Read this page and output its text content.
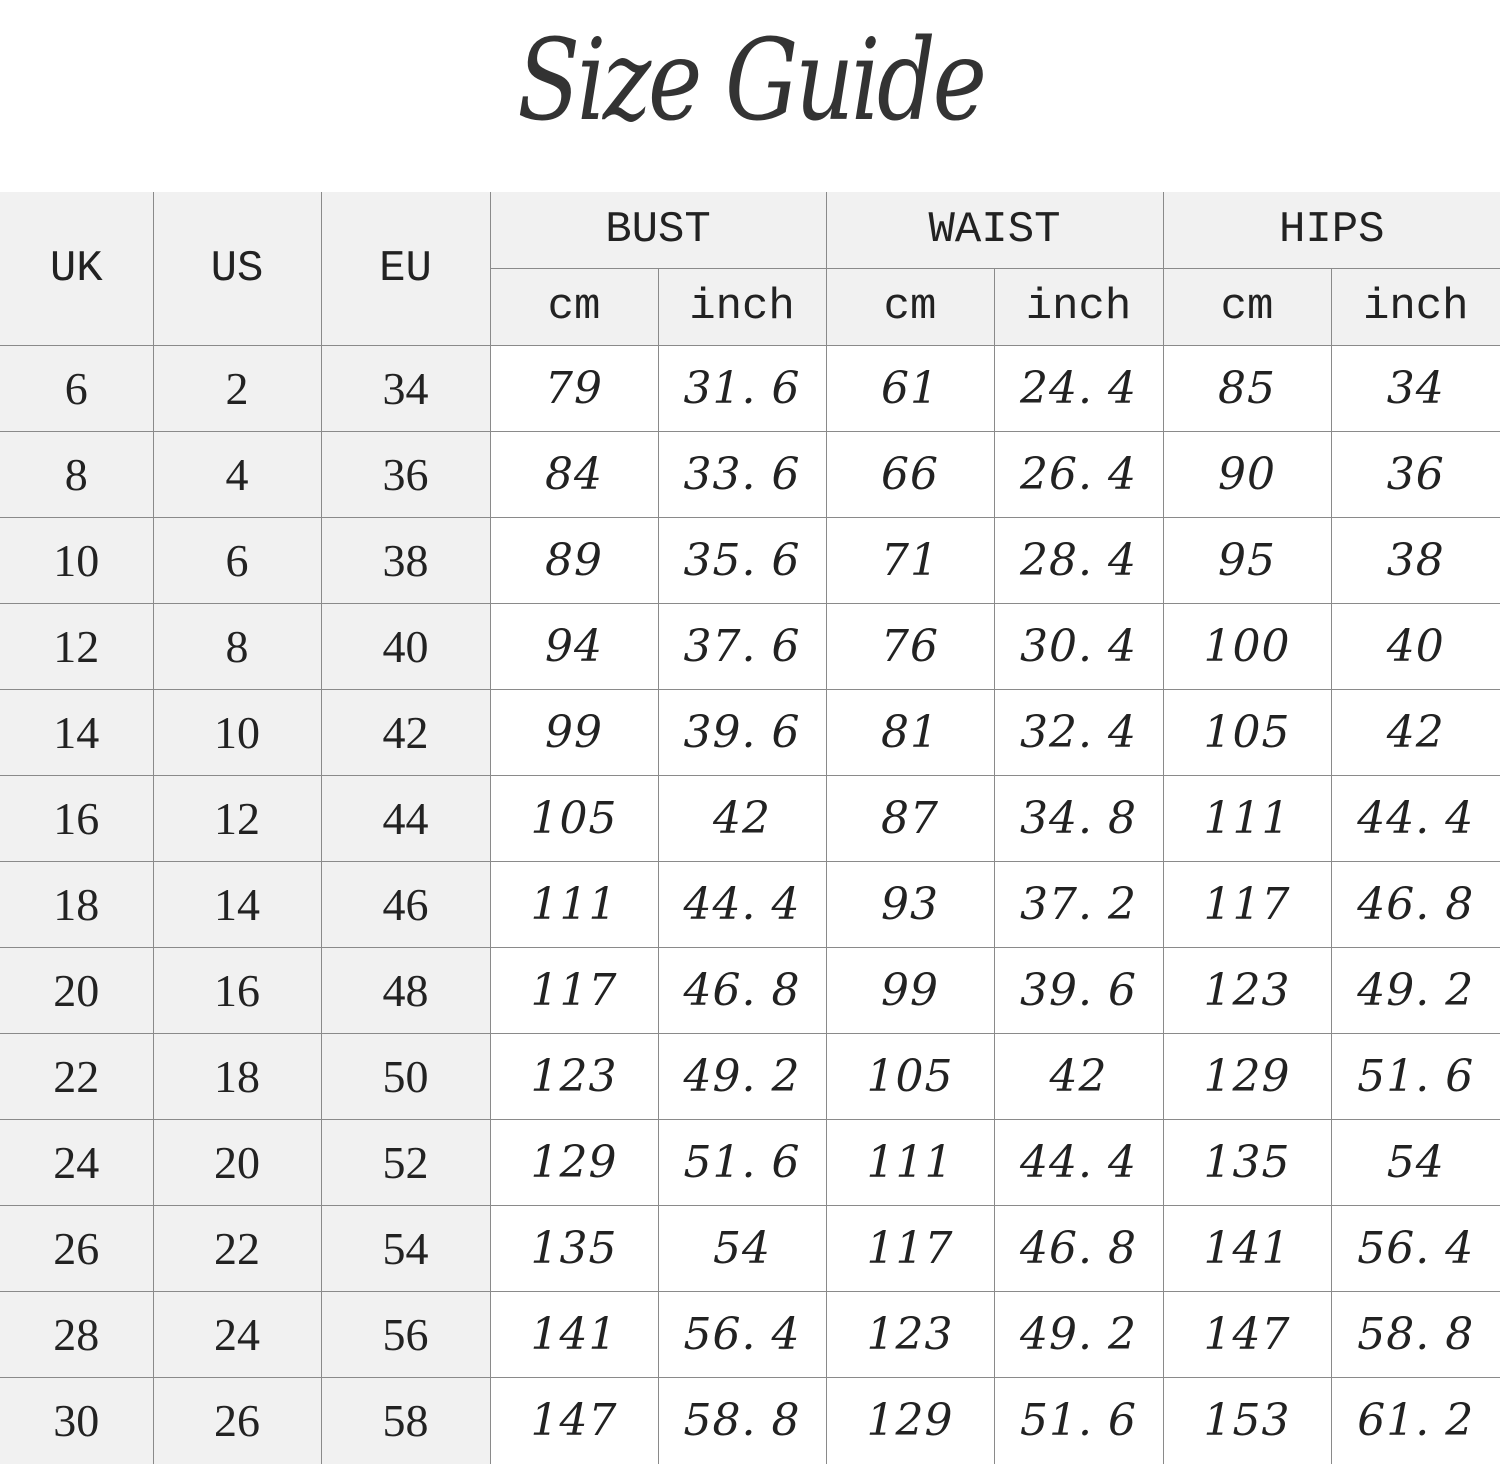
Size Guide
UK	US	EU	BUST		WAIST		HIPS	
			cm	inch	cm	inch	cm	inch
6	2	34	79	31. 6	61	24. 4	85	34
8	4	36	84	33. 6	66	26. 4	90	36
10	6	38	89	35. 6	71	28. 4	95	38
12	8	40	94	37. 6	76	30. 4	100	40
14	10	42	99	39. 6	81	32. 4	105	42
16	12	44	105	42	87	34. 8	111	44. 4
18	14	46	111	44. 4	93	37. 2	117	46. 8
20	16	48	117	46. 8	99	39. 6	123	49. 2
22	18	50	123	49. 2	105	42	129	51. 6
24	20	52	129	51. 6	111	44. 4	135	54
26	22	54	135	54	117	46. 8	141	56. 4
28	24	56	141	56. 4	123	49. 2	147	58. 8
30	26	58	147	58. 8	129	51. 6	153	61. 2
